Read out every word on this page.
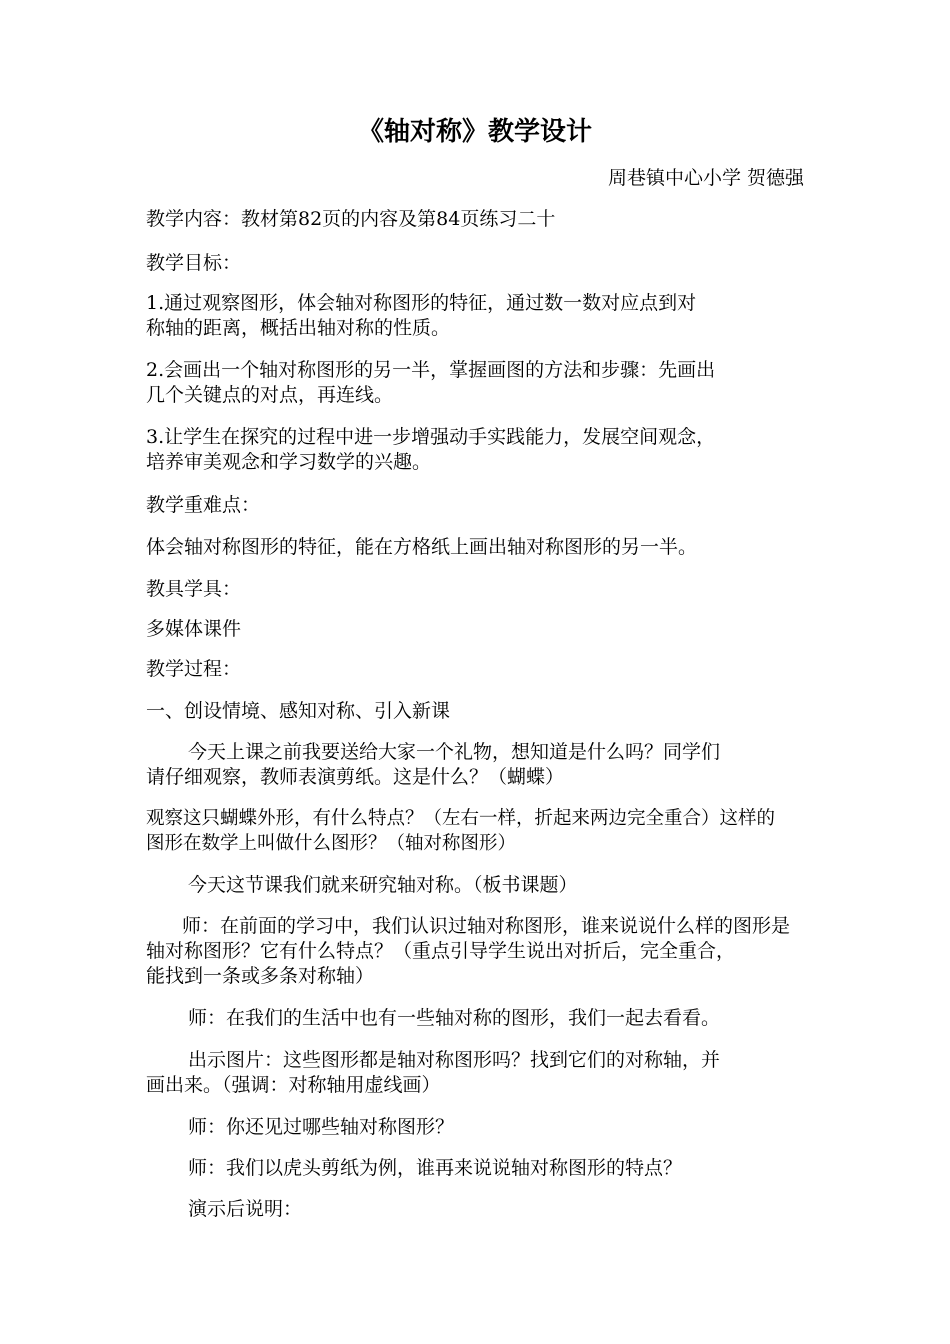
《轴对称》教学设计
周巷镇中心小学 贺德强
教学内容：教材第82页的内容及第84页练习二十
教学目标：
1.通过观察图形，体会轴对称图形的特征，通过数一数对应点到对
称轴的距离，概括出轴对称的性质。
2.会画出一个轴对称图形的另一半，掌握画图的方法和步骤：先画出
几个关键点的对点，再连线。
3.让学生在探究的过程中进一步增强动手实践能力，发展空间观念，
培养审美观念和学习数学的兴趣。
教学重难点：
体会轴对称图形的特征，能在方格纸上画出轴对称图形的另一半。
教具学具：
多媒体课件
教学过程：
一、创设情境、感知对称、引入新课
今天上课之前我要送给大家一个礼物，想知道是什么吗？同学们
请仔细观察，教师表演剪纸。这是什么？（蝴蝶）
观察这只蝴蝶外形，有什么特点？（左右一样，折起来两边完全重合）这样的
图形在数学上叫做什么图形？（轴对称图形）
今天这节课我们就来研究轴对称。（板书课题）
师：在前面的学习中，我们认识过轴对称图形，谁来说说什么样的图形是
轴对称图形？它有什么特点？（重点引导学生说出对折后，完全重合，
能找到一条或多条对称轴）
师：在我们的生活中也有一些轴对称的图形，我们一起去看看。
出示图片：这些图形都是轴对称图形吗？找到它们的对称轴，并
画出来。（强调：对称轴用虚线画）
师：你还见过哪些轴对称图形？
师：我们以虎头剪纸为例，谁再来说说轴对称图形的特点？
演示后说明：
